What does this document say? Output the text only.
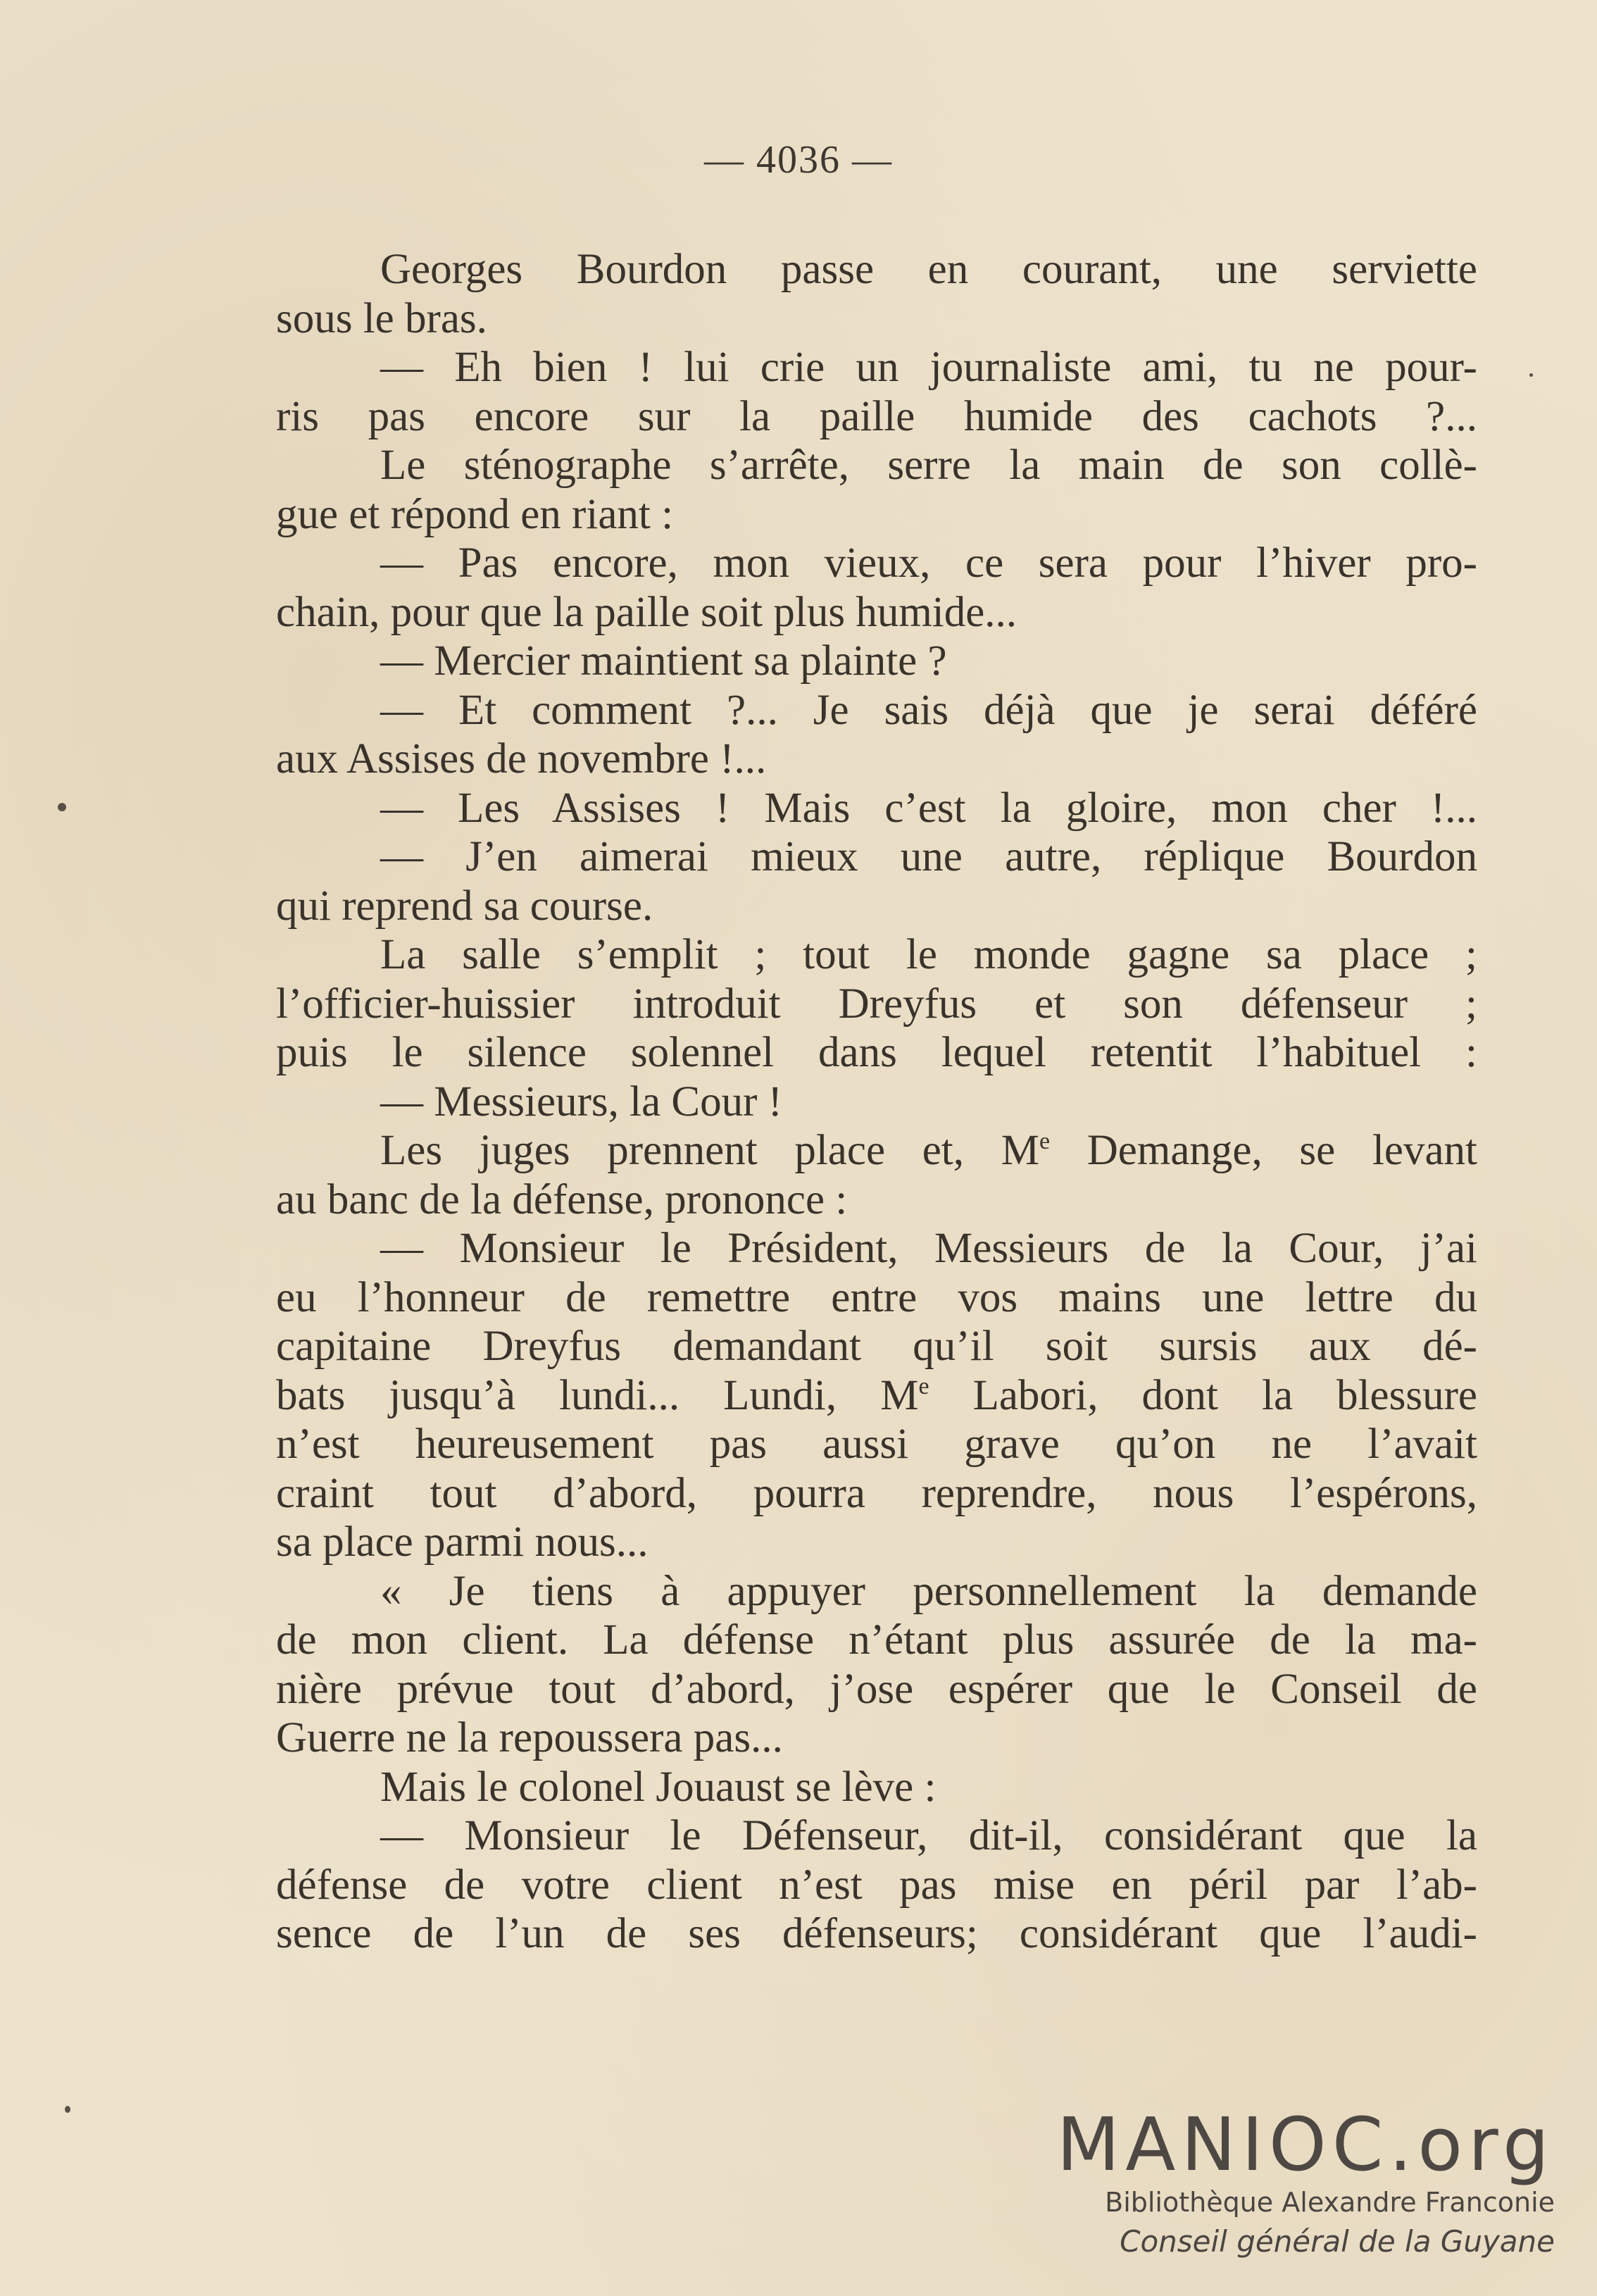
— 4036 —
Georges Bourdon passe en courant, une serviette
sous le bras.
— Eh bien ! lui crie un journaliste ami, tu ne pour-
ris pas encore sur la paille humide des cachots ?...
Le sténographe s’arrête, serre la main de son collè-
gue et répond en riant :
— Pas encore, mon vieux, ce sera pour l’hiver pro-
chain, pour que la paille soit plus humide...
— Mercier maintient sa plainte ?
— Et comment ?... Je sais déjà que je serai déféré
aux Assises de novembre !...
— Les Assises ! Mais c’est la gloire, mon cher !...
— J’en aimerai mieux une autre, réplique Bourdon
qui reprend sa course.
La salle s’emplit ; tout le monde gagne sa place ;
l’officier-huissier introduit Dreyfus et son défenseur ;
puis le silence solennel dans lequel retentit l’habituel :
— Messieurs, la Cour !
Les juges prennent place et, Me Demange, se levant
au banc de la défense, prononce :
— Monsieur le Président, Messieurs de la Cour, j’ai
eu l’honneur de remettre entre vos mains une lettre du
capitaine Dreyfus demandant qu’il soit sursis aux dé-
bats jusqu’à lundi... Lundi, Me Labori, dont la blessure
n’est heureusement pas aussi grave qu’on ne l’avait
craint tout d’abord, pourra reprendre, nous l’espérons,
sa place parmi nous...
« Je tiens à appuyer personnellement la demande
de mon client. La défense n’étant plus assurée de la ma-
nière prévue tout d’abord, j’ose espérer que le Conseil de
Guerre ne la repoussera pas...
Mais le colonel Jouaust se lève :
— Monsieur le Défenseur, dit-il, considérant que la
défense de votre client n’est pas mise en péril par l’ab-
sence de l’un de ses défenseurs; considérant que l’audi-
MANIOC.org
Bibliothèque Alexandre Franconie
Conseil général de la Guyane
